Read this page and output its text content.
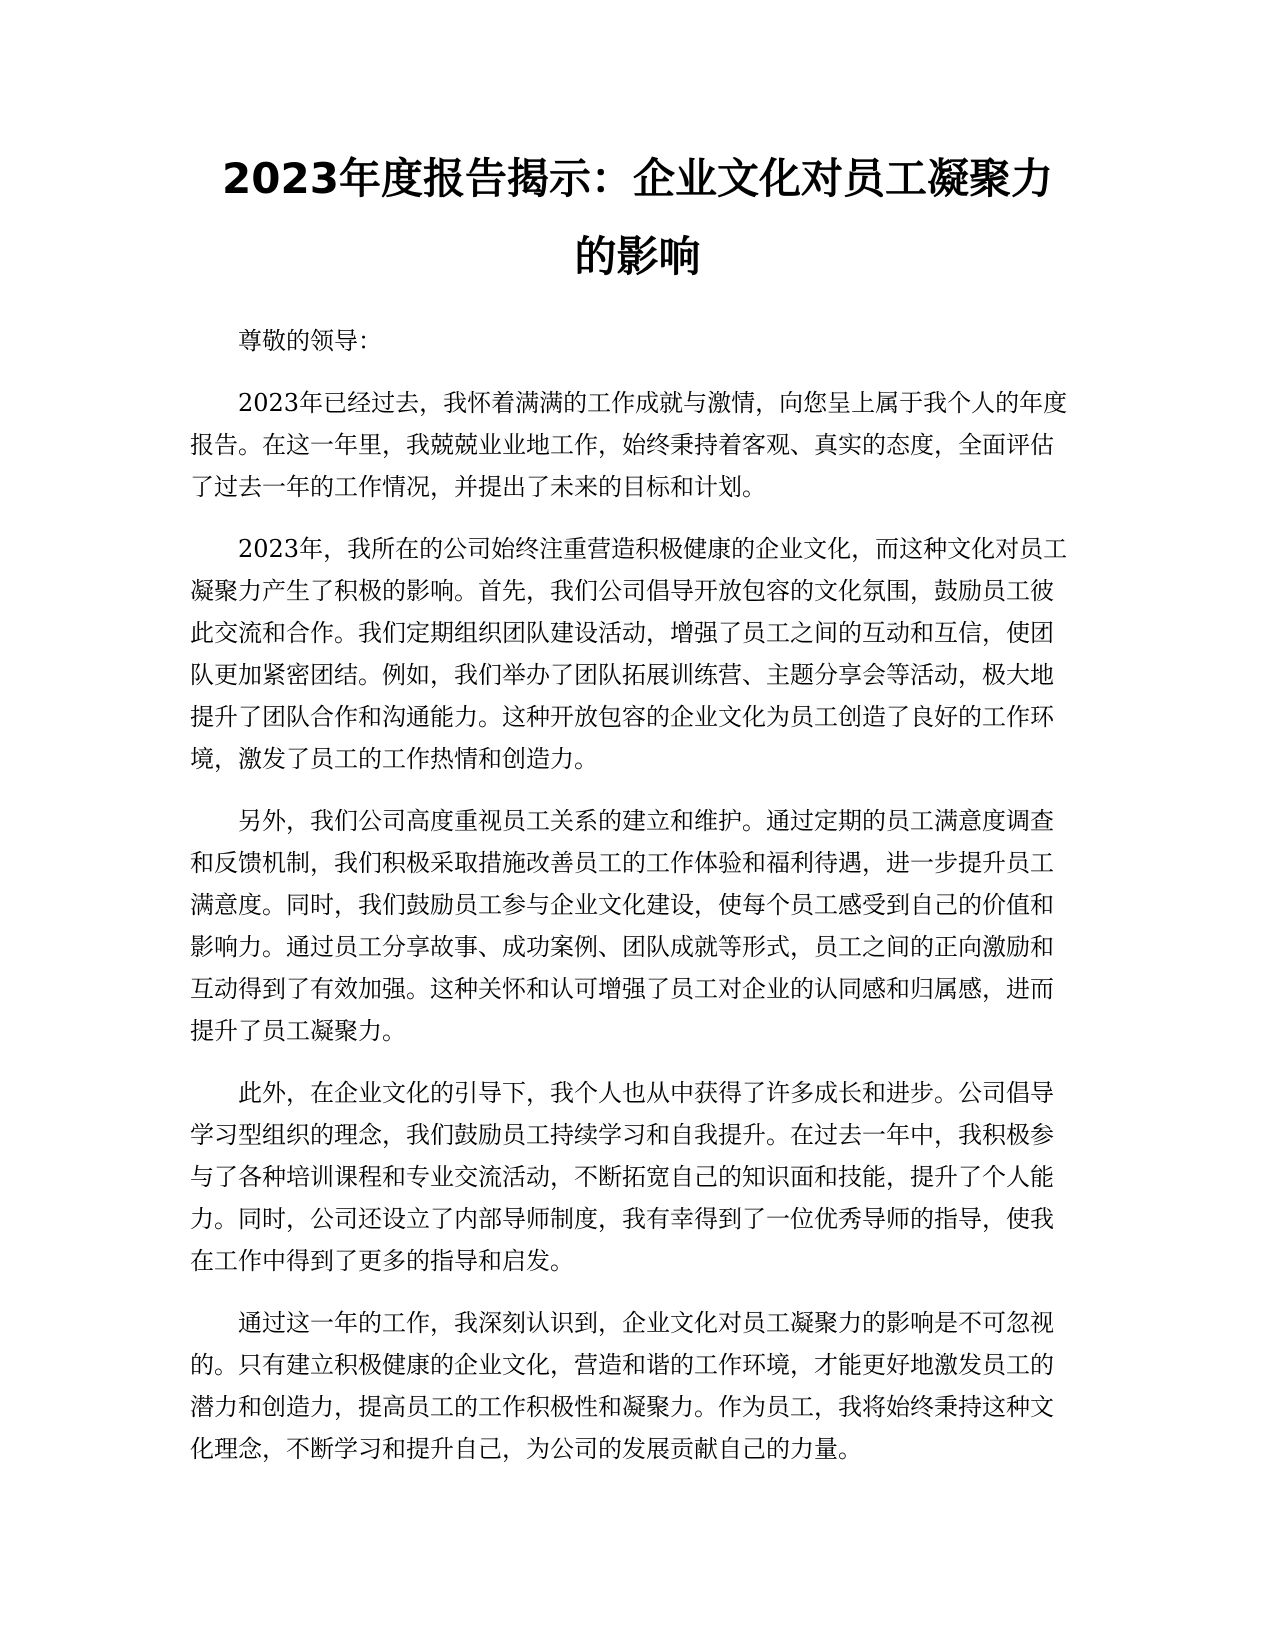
2023年度报告揭示：企业文化对员工凝聚力
的影响
尊敬的领导：
2023年已经过去，我怀着满满的工作成就与激情，向您呈上属于我个人的年度
报告。在这一年里，我兢兢业业地工作，始终秉持着客观、真实的态度，全面评估
了过去一年的工作情况，并提出了未来的目标和计划。
2023年，我所在的公司始终注重营造积极健康的企业文化，而这种文化对员工
凝聚力产生了积极的影响。首先，我们公司倡导开放包容的文化氛围，鼓励员工彼
此交流和合作。我们定期组织团队建设活动，增强了员工之间的互动和互信，使团
队更加紧密团结。例如，我们举办了团队拓展训练营、主题分享会等活动，极大地
提升了团队合作和沟通能力。这种开放包容的企业文化为员工创造了良好的工作环
境，激发了员工的工作热情和创造力。
另外，我们公司高度重视员工关系的建立和维护。通过定期的员工满意度调查
和反馈机制，我们积极采取措施改善员工的工作体验和福利待遇，进一步提升员工
满意度。同时，我们鼓励员工参与企业文化建设，使每个员工感受到自己的价值和
影响力。通过员工分享故事、成功案例、团队成就等形式，员工之间的正向激励和
互动得到了有效加强。这种关怀和认可增强了员工对企业的认同感和归属感，进而
提升了员工凝聚力。
此外，在企业文化的引导下，我个人也从中获得了许多成长和进步。公司倡导
学习型组织的理念，我们鼓励员工持续学习和自我提升。在过去一年中，我积极参
与了各种培训课程和专业交流活动，不断拓宽自己的知识面和技能，提升了个人能
力。同时，公司还设立了内部导师制度，我有幸得到了一位优秀导师的指导，使我
在工作中得到了更多的指导和启发。
通过这一年的工作，我深刻认识到，企业文化对员工凝聚力的影响是不可忽视
的。只有建立积极健康的企业文化，营造和谐的工作环境，才能更好地激发员工的
潜力和创造力，提高员工的工作积极性和凝聚力。作为员工，我将始终秉持这种文
化理念，不断学习和提升自己，为公司的发展贡献自己的力量。
